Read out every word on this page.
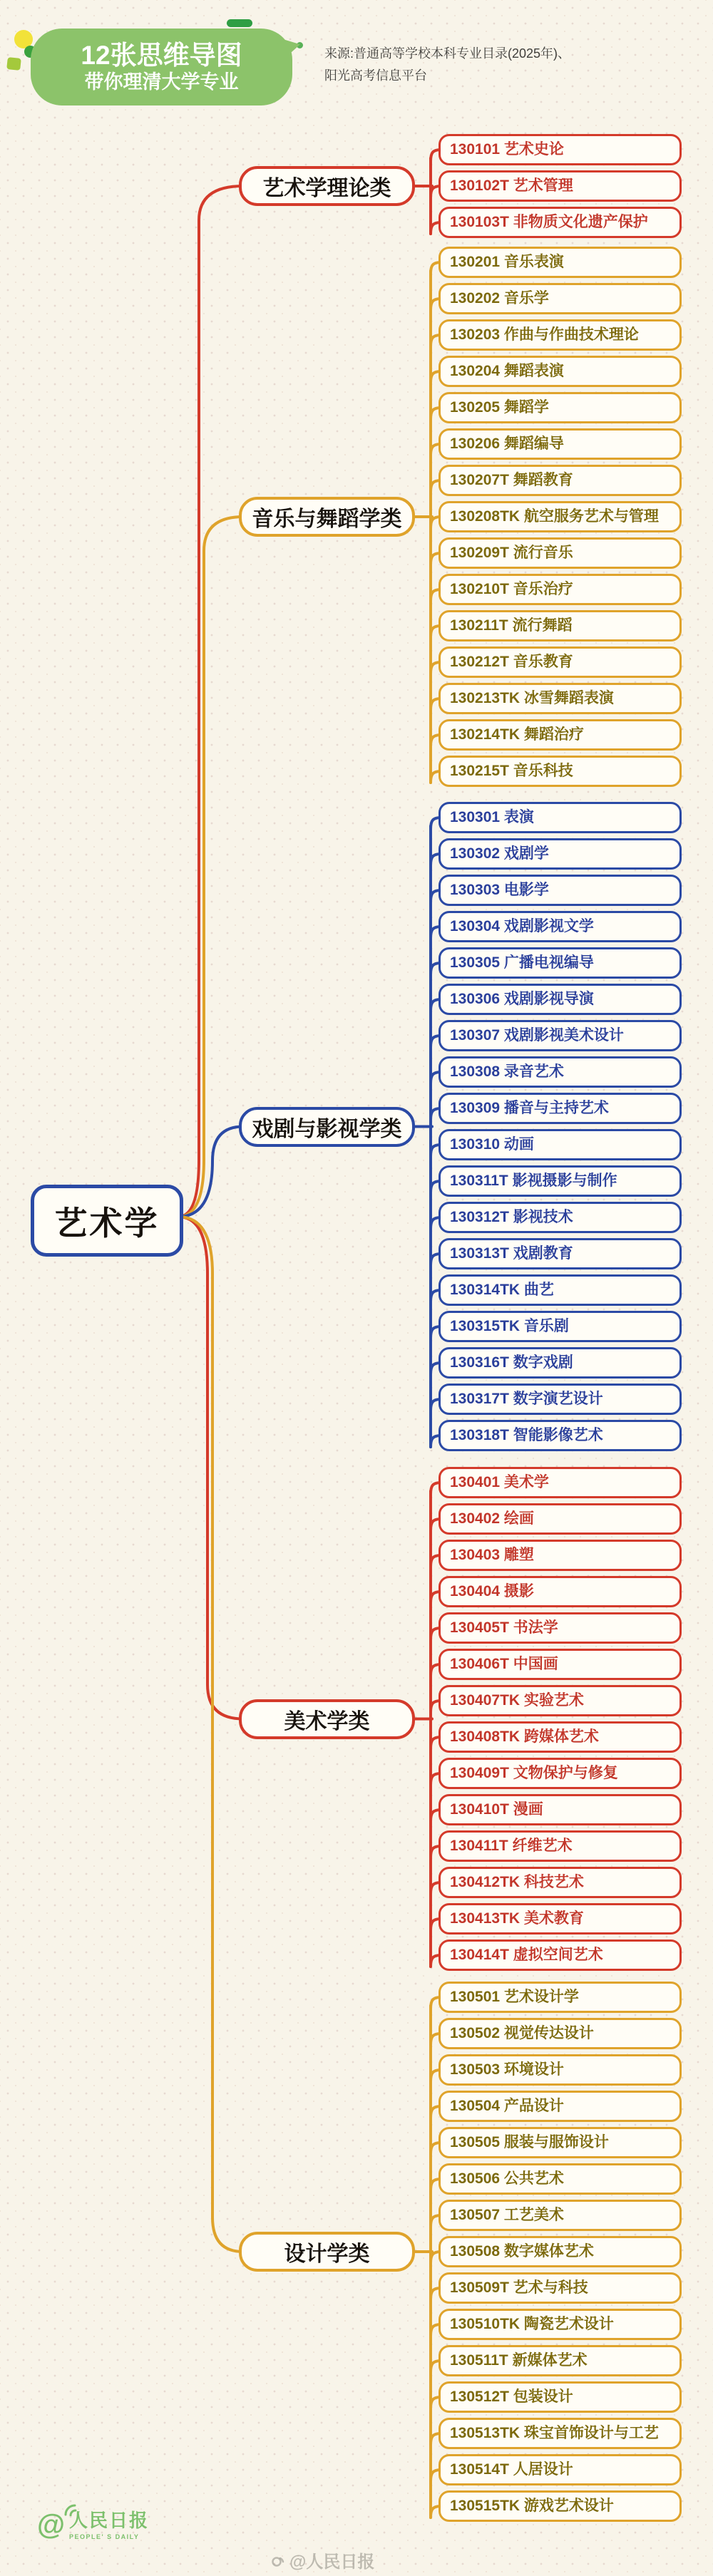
12张思维导图
带你理清大学专业
来源:普通高等学校本科专业目录(2025年)、
阳光高考信息平台
艺术学
艺术学理论类
130101 艺术史论
130102T 艺术管理
130103T 非物质文化遗产保护
音乐与舞蹈学类
130201 音乐表演
130202 音乐学
130203 作曲与作曲技术理论
130204 舞蹈表演
130205 舞蹈学
130206 舞蹈编导
130207T 舞蹈教育
130208TK 航空服务艺术与管理
130209T 流行音乐
130210T 音乐治疗
130211T 流行舞蹈
130212T 音乐教育
130213TK 冰雪舞蹈表演
130214TK 舞蹈治疗
130215T 音乐科技
戏剧与影视学类
130301 表演
130302 戏剧学
130303 电影学
130304 戏剧影视文学
130305 广播电视编导
130306 戏剧影视导演
130307 戏剧影视美术设计
130308 录音艺术
130309 播音与主持艺术
130310 动画
130311T 影视摄影与制作
130312T 影视技术
130313T 戏剧教育
130314TK 曲艺
130315TK 音乐剧
130316T 数字戏剧
130317T 数字演艺设计
130318T 智能影像艺术
美术学类
130401 美术学
130402 绘画
130403 雕塑
130404 摄影
130405T 书法学
130406T 中国画
130407TK 实验艺术
130408TK 跨媒体艺术
130409T 文物保护与修复
130410T 漫画
130411T 纤维艺术
130412TK 科技艺术
130413TK 美术教育
130414T 虚拟空间艺术
设计学类
130501 艺术设计学
130502 视觉传达设计
130503 环境设计
130504 产品设计
130505 服装与服饰设计
130506 公共艺术
130507 工艺美术
130508 数字媒体艺术
130509T 艺术与科技
130510TK 陶瓷艺术设计
130511T 新媒体艺术
130512T 包装设计
130513TK 珠宝首饰设计与工艺
130514T 人居设计
130515TK 游戏艺术设计
@ 人民日报
PEOPLE' S DAILY
@人民日报
